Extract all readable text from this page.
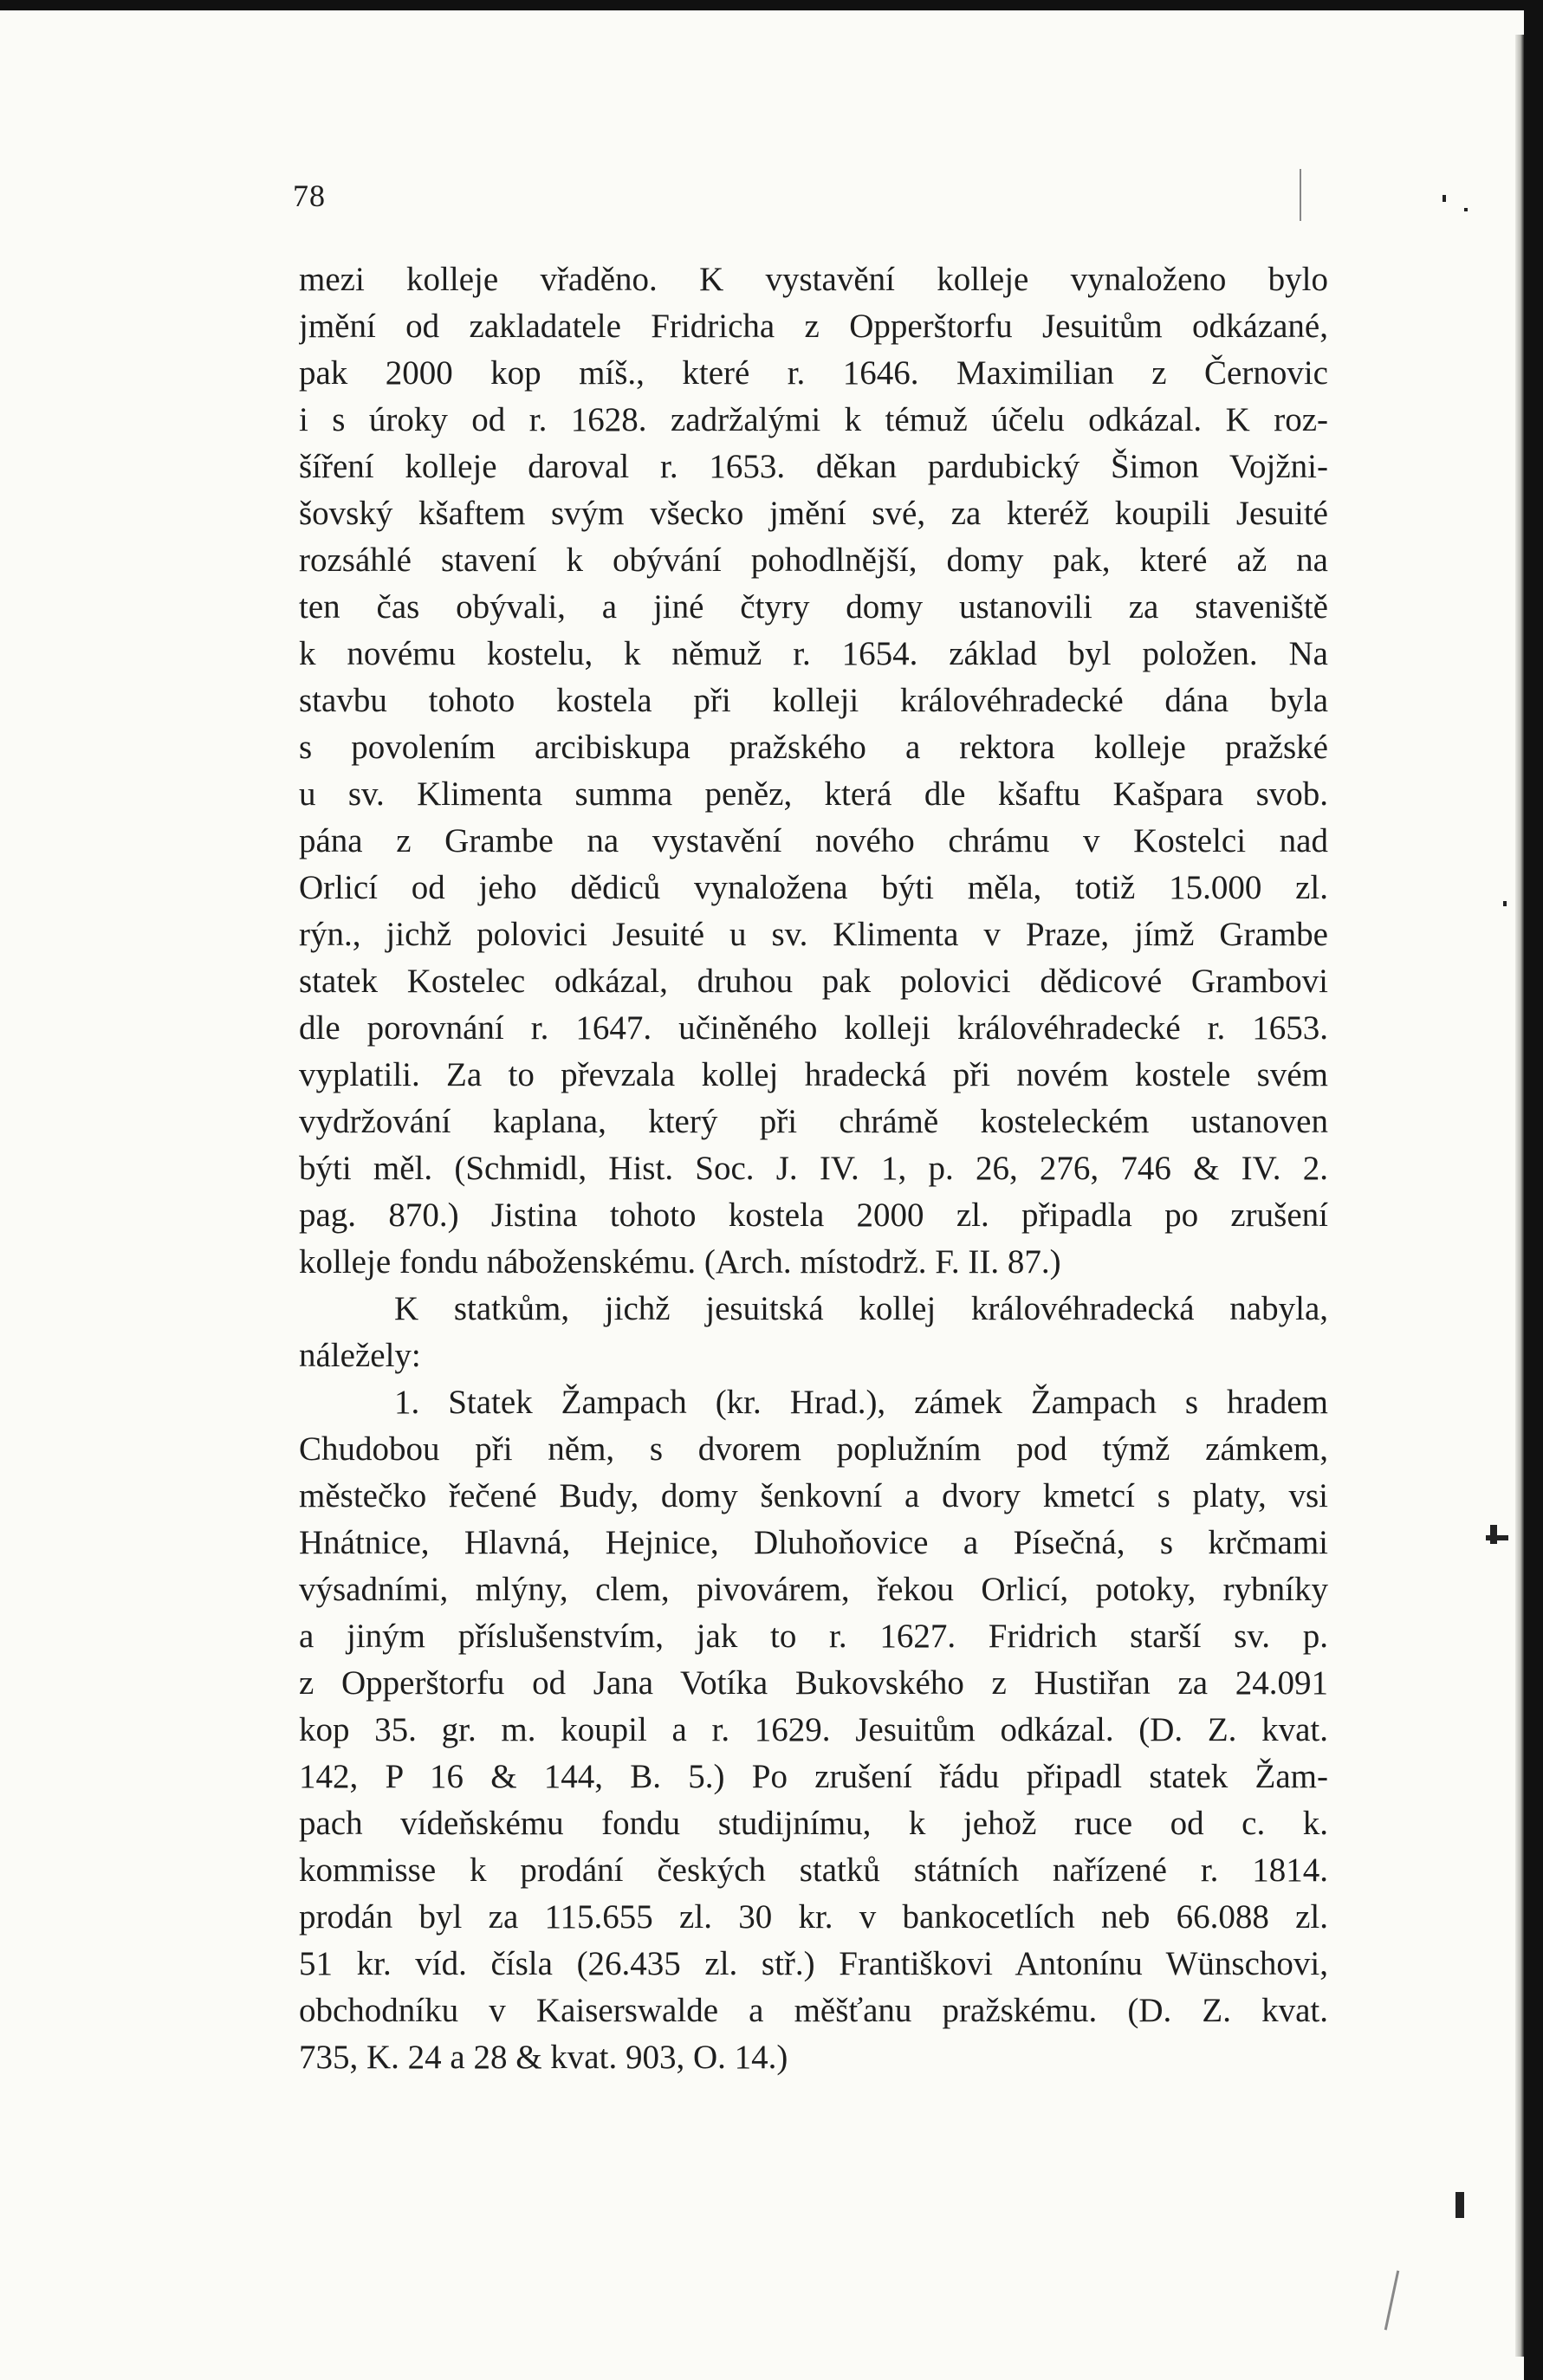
78
mezi kolleje vřaděno. K vystavění kolleje vynaloženo bylo
jmění od zakladatele Fridricha z Opperštorfu Jesuitům odkázané,
pak 2000 kop míš., které r. 1646. Maximilian z Černovic
i s úroky od r. 1628. zadržalými k témuž účelu odkázal. K roz-
šíření kolleje daroval r. 1653. děkan pardubický Šimon Vojžni-
šovský kšaftem svým všecko jmění své, za kteréž koupili Jesuité
rozsáhlé stavení k obývání pohodlnější, domy pak, které až na
ten čas obývali, a jiné čtyry domy ustanovili za staveniště
k novému kostelu, k němuž r. 1654. základ byl položen. Na
stavbu tohoto kostela při kolleji královéhradecké dána byla
s povolením arcibiskupa pražského a rektora kolleje pražské
u sv. Klimenta summa peněz, která dle kšaftu Kašpara svob.
pána z Grambe na vystavění nového chrámu v Kostelci nad
Orlicí od jeho dědiců vynaložena býti měla, totiž 15.000 zl.
rýn., jichž polovici Jesuité u sv. Klimenta v Praze, jímž Grambe
statek Kostelec odkázal, druhou pak polovici dědicové Grambovi
dle porovnání r. 1647. učiněného kolleji královéhradecké r. 1653.
vyplatili. Za to převzala kollej hradecká při novém kostele svém
vydržování kaplana, který při chrámě kosteleckém ustanoven
býti měl. (Schmidl, Hist. Soc. J. IV. 1, p. 26, 276, 746 & IV. 2.
pag. 870.) Jistina tohoto kostela 2000 zl. připadla po zrušení
kolleje fondu náboženskému. (Arch. místodrž. F. II. 87.)
K statkům, jichž jesuitská kollej královéhradecká nabyla,
náležely:
1. Statek Žampach (kr. Hrad.), zámek Žampach s hradem
Chudobou při něm, s dvorem poplužním pod týmž zámkem,
městečko řečené Budy, domy šenkovní a dvory kmetcí s platy, vsi
Hnátnice, Hlavná, Hejnice, Dluhoňovice a Písečná, s krčmami
výsadními, mlýny, clem, pivovárem, řekou Orlicí, potoky, rybníky
a jiným příslušenstvím, jak to r. 1627. Fridrich starší sv. p.
z Opperštorfu od Jana Votíka Bukovského z Hustiřan za 24.091
kop 35. gr. m. koupil a r. 1629. Jesuitům odkázal. (D. Z. kvat.
142, P 16 & 144, B. 5.) Po zrušení řádu připadl statek Žam-
pach vídeňskému fondu studijnímu, k jehož ruce od c. k.
kommisse k prodání českých statků státních nařízené r. 1814.
prodán byl za 115.655 zl. 30 kr. v bankocetlích neb 66.088 zl.
51 kr. víd. čísla (26.435 zl. stř.) Františkovi Antonínu Wünschovi,
obchodníku v Kaiserswalde a měšťanu pražskému. (D. Z. kvat.
735, K. 24 a 28 & kvat. 903, O. 14.)
